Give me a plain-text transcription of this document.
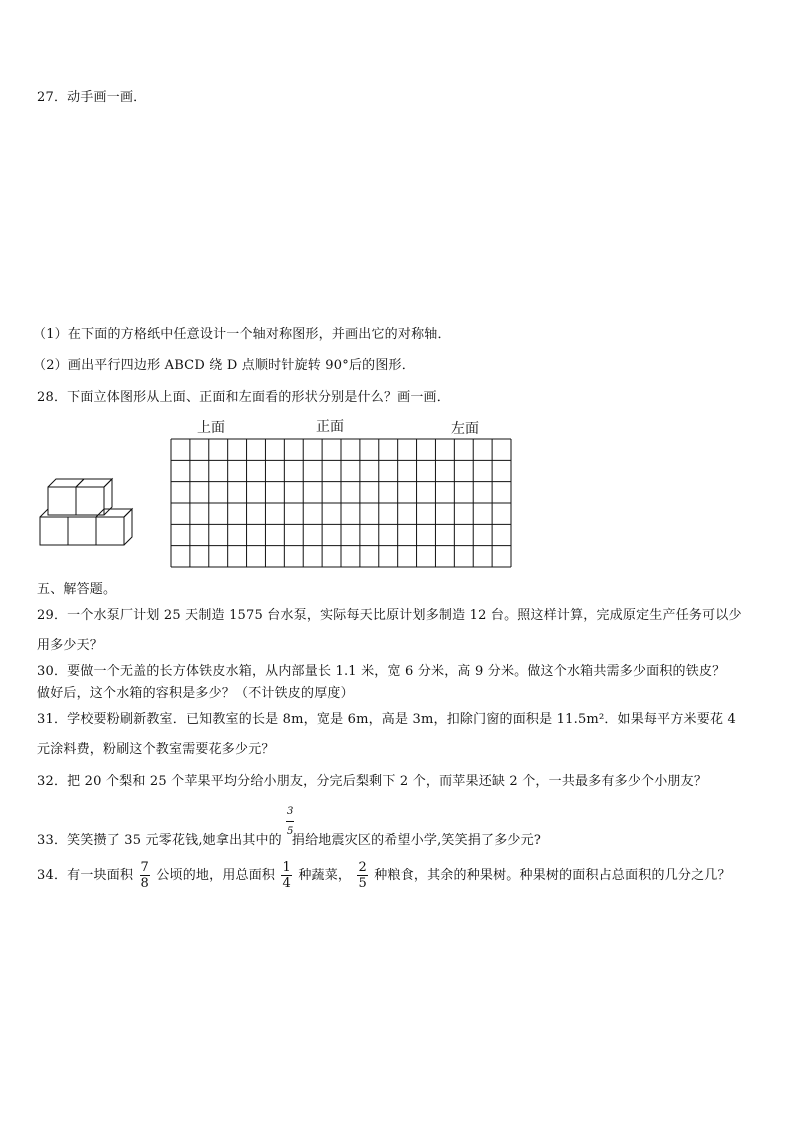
27．动手画一画．
（1）在下面的方格纸中任意设计一个轴对称图形，并画出它的对称轴．
（2）画出平行四边形 ABCD 绕 D 点顺时针旋转 90°后的图形．
28．下面立体图形从上面、正面和左面看的形状分别是什么？画一画．
上面	正面	左面
五、解答题。
29．一个水泵厂计划 25 天制造 1575 台水泵，实际每天比原计划多制造 12 台。照这样计算，完成原定生产任务可以少
用多少天？
30．要做一个无盖的长方体铁皮水箱，从内部量长 1.1 米，宽 6 分米，高 9 分米。做这个水箱共需多少面积的铁皮？
做好后，这个水箱的容积是多少？（不计铁皮的厚度）
31．学校要粉刷新教室．已知教室的长是 8m，宽是 6m，高是 3m，扣除门窗的面积是 11.5m²．如果每平方米要花 4
元涂料费，粉刷这个教室需要花多少元？
32．把 20 个梨和 25 个苹果平均分给小朋友，分完后梨剩下 2 个，而苹果还缺 2 个，一共最多有多少个小朋友？
33．笑笑攒了 35 元零花钱,她拿出其中的 捐给地震灾区的希望小学,笑笑捐了多少元?
3
5
34．有一块面积 $\frac{7}{8}$ 公顷的地，用总面积 $\frac{1}{4}$ 种蔬菜， $\frac{2}{5}$ 种粮食，其余的种果树。种果树的面积占总面积的几分之几？
